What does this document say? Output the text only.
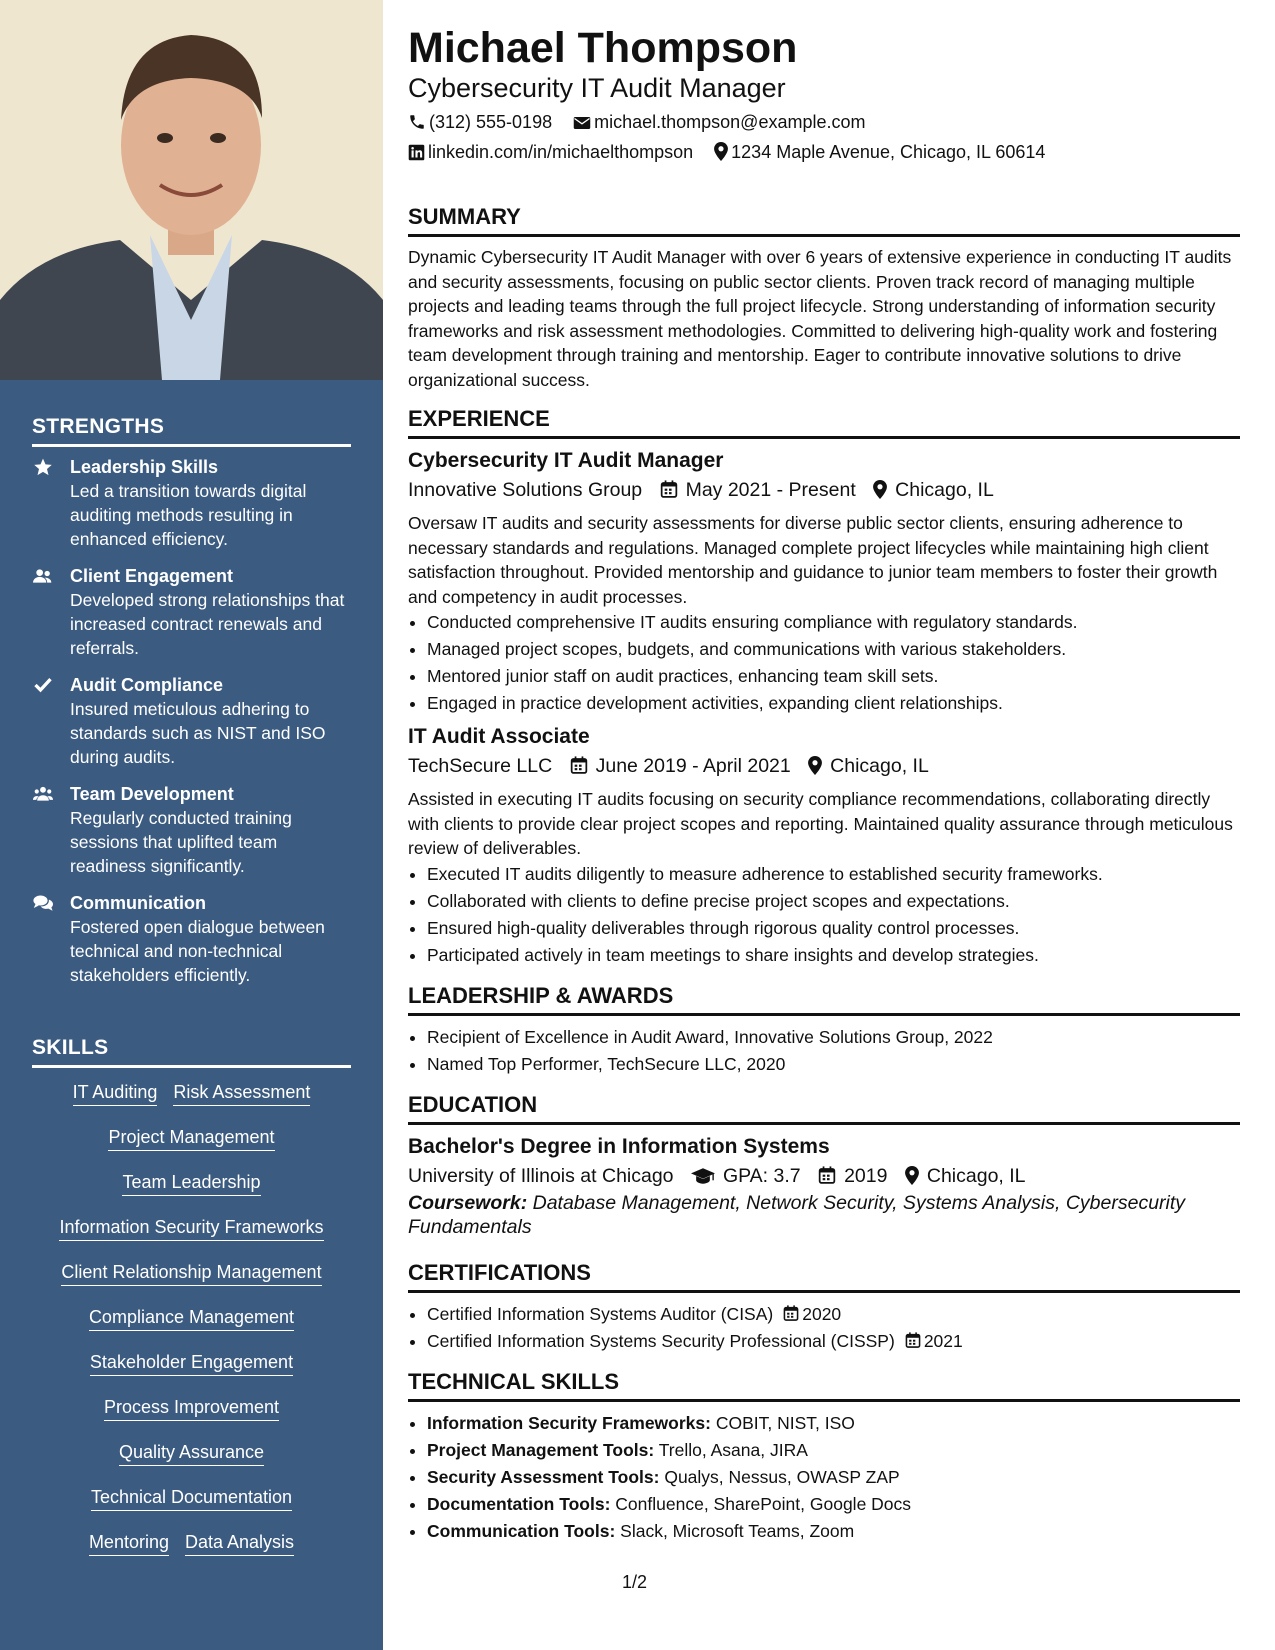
STRENGTHS
Leadership Skills
Led a transition towards digital auditing methods resulting in enhanced efficiency.
Client Engagement
Developed strong relationships that increased contract renewals and referrals.
Audit Compliance
Insured meticulous adhering to standards such as NIST and ISO during audits.
Team Development
Regularly conducted training sessions that uplifted team readiness significantly.
Communication
Fostered open dialogue between technical and non-technical stakeholders efficiently.
SKILLS
IT Auditing Risk Assessment
Project Management
Team Leadership
Information Security Frameworks
Client Relationship Management
Compliance Management
Stakeholder Engagement
Process Improvement
Quality Assurance
Technical Documentation
Mentoring Data Analysis
Michael Thompson
Cybersecurity IT Audit Manager
(312) 555-0198 michael.thompson@example.com
linkedin.com/in/michaelthompson 1234 Maple Avenue, Chicago, IL 60614
SUMMARY

Dynamic Cybersecurity IT Audit Manager with over 6 years of extensive experience in conducting IT audits and security assessments, focusing on public sector clients. Proven track record of managing multiple projects and leading teams through the full project lifecycle. Strong understanding of information security frameworks and risk assessment methodologies. Committed to delivering high-quality work and fostering team development through training and mentorship. Eager to contribute innovative solutions to drive organizational success.

EXPERIENCE
Cybersecurity IT Audit Manager
Innovative Solutions Group May 2021 - Present Chicago, IL

Oversaw IT audits and security assessments for diverse public sector clients, ensuring adherence to necessary standards and regulations. Managed complete project lifecycles while maintaining high client satisfaction throughout. Provided mentorship and guidance to junior team members to foster their growth and competency in audit processes.

• Conducted comprehensive IT audits ensuring compliance with regulatory standards.
• Managed project scopes, budgets, and communications with various stakeholders.
• Mentored junior staff on audit practices, enhancing team skill sets.
• Engaged in practice development activities, expanding client relationships.
IT Audit Associate
TechSecure LLC June 2019 - April 2021 Chicago, IL

Assisted in executing IT audits focusing on security compliance recommendations, collaborating directly with clients to provide clear project scopes and reporting. Maintained quality assurance through meticulous review of deliverables.

• Executed IT audits diligently to measure adherence to established security frameworks.
• Collaborated with clients to define precise project scopes and expectations.
• Ensured high-quality deliverables through rigorous quality control processes.
• Participated actively in team meetings to share insights and develop strategies.
LEADERSHIP & AWARDS
• Recipient of Excellence in Audit Award, Innovative Solutions Group, 2022
• Named Top Performer, TechSecure LLC, 2020
EDUCATION
Bachelor's Degree in Information Systems
University of Illinois at Chicago	GPA: 3.7 2019 Chicago, IL
Coursework: Database Management, Network Security, Systems Analysis, Cybersecurity Fundamentals
CERTIFICATIONS
• Certified Information Systems Auditor (CISA) 2020
• Certified Information Systems Security Professional (CISSP) 2021
TECHNICAL SKILLS
• Information Security Frameworks: COBIT, NIST, ISO
• Project Management Tools: Trello, Asana, JIRA
• Security Assessment Tools: Qualys, Nessus, OWASP ZAP
• Documentation Tools: Confluence, SharePoint, Google Docs
• Communication Tools: Slack, Microsoft Teams, Zoom
1/2
